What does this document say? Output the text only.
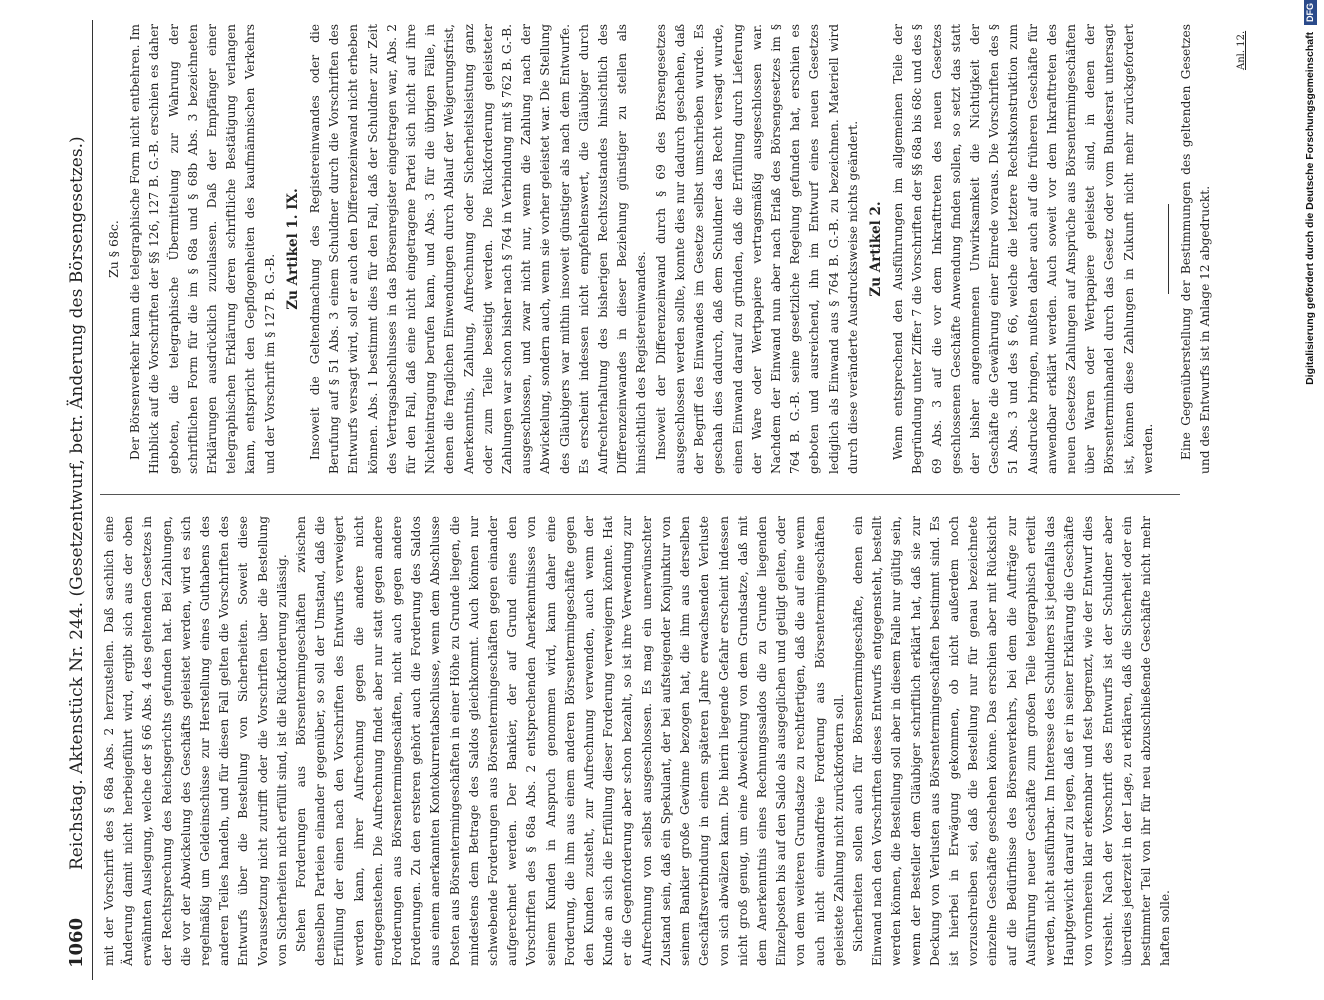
1060
Reichstag. Aktenstück Nr. 244. (Gesetzentwurf, betr. Änderung des Börsengesetzes.)	mit der Vorschrift des § 68a Abs. 2 herzustellen. Daß sachlich eine Änderung damit nicht herbeigeführt wird, ergibt sich aus der oben erwähnten Auslegung, welche der § 66 Abs. 4 des geltenden Gesetzes in der Rechtsprechung des Reichsgerichts gefunden hat. Bei Zahlungen, die vor der Abwickelung des Geschäfts geleistet werden, wird es sich regelmäßig um Geldeinschüsse zur Herstellung eines Guthabens des anderen Teiles handeln, und für diesen Fall gelten die Vorschriften des Entwurfs über die Bestellung von Sicherheiten. Soweit diese Voraussetzung nicht zutrifft oder die Vorschriften über die Bestellung von Sicherheiten nicht erfüllt sind, ist die Rückforderung zulässig. Stehen Forderungen aus Börsentermingeschäften zwischen denselben Parteien einander gegenüber, so soll der Umstand, daß die Erfüllung der einen nach den Vorschriften des Entwurfs verweigert werden kann, ihrer Aufrechnung gegen die andere nicht entgegenstehen. Die Aufrechnung findet aber nur statt gegen andere Forderungen aus Börsentermingeschäften, nicht auch gegen andere Forderungen. Zu den ersteren gehört auch die Forderung des Saldos aus einem anerkannten Kontokurrentabschlusse, wenn dem Abschlusse Posten aus Börsentermingeschäften in einer Höhe zu Grunde liegen, die mindestens dem Betrage des Saldos gleichkommt. Auch können nur schwebende Forderungen aus Börsentermingeschäften gegen einander aufgerechnet werden. Der Bankier, der auf Grund eines den Vorschriften des § 68a Abs. 2 entsprechenden Anerkenntnisses von seinem Kunden in Anspruch genommen wird, kann daher eine Forderung, die ihm aus einem anderen Börsentermingeschäfte gegen den Kunden zusteht, zur Aufrechnung verwenden, auch wenn der Kunde an sich die Erfüllung dieser Forderung verweigern könnte. Hat er die Gegenforderung aber schon bezahlt, so ist ihre Verwendung zur Aufrechnung von selbst ausgeschlossen. Es mag ein unerwünschter Zustand sein, daß ein Spekulant, der bei aufsteigender Konjunktur von seinem Bankier große Gewinne bezogen hat, die ihm aus derselben Geschäftsverbindung in einem späteren Jahre erwachsenden Verluste von sich abwälzen kann. Die hierin liegende Gefahr erscheint indessen nicht groß genug, um eine Abweichung von dem Grundsatze, daß mit dem Anerkenntnis eines Rechnungssaldos die zu Grunde liegenden Einzelposten bis auf den Saldo als ausgeglichen und getilgt gelten, oder von dem weiteren Grundsatze zu rechtfertigen, daß die auf eine wenn auch nicht einwandfreie Forderung aus Börsentermingeschäften geleistete Zahlung nicht zurückfordern soll. Sicherheiten sollen auch für Börsentermingeschäfte, denen ein Einwand nach den Vorschriften dieses Entwurfs entgegensteht, bestellt werden können, die Bestellung soll aber in diesem Falle nur gültig sein, wenn der Besteller dem Gläubiger schriftlich erklärt hat, daß sie zur Deckung von Verlusten aus Börsentermingeschäften bestimmt sind. Es ist hierbei in Erwägung gekommen, ob nicht außerdem noch vorzuschreiben sei, daß die Bestellung nur für genau bezeichnete einzelne Geschäfte geschehen könne. Das erschien aber mit Rücksicht auf die Bedürfnisse des Börsenverkehrs, bei dem die Aufträge zur Ausführung neuer Geschäfte zum großen Teile telegraphisch erteilt werden, nicht ausführbar. Im Interesse des Schuldners ist jedenfalls das Hauptgewicht darauf zu legen, daß er in seiner Erklärung die Geschäfte von vornherein klar erkennbar und fest begrenzt, wie der Entwurf dies vorsieht. Nach der Vorschrift des Entwurfs ist der Schuldner aber überdies jederzeit in der Lage, zu erklären, daß die Sicherheit oder ein bestimmter Teil von ihr für neu abzuschließende Geschäfte nicht mehr haften solle.

Zu § 68c. Der Börsenverkehr kann die telegraphische Form nicht entbehren. Im Hinblick auf die Vorschriften der §§ 126, 127 B. G.-B. erschien es daher geboten, die telegraphische Übermittelung zur Wahrung der schriftlichen Form für die im § 68a und § 68b Abs. 3 bezeichneten Erklärungen ausdrücklich zuzulassen. Daß der Empfänger einer telegraphischen Erklärung deren schriftliche Bestätigung verlangen kann, entspricht den Gepflogenheiten des kaufmännischen Verkehrs und der Vorschrift im § 127 B. G.-B.

Zu Artikel 1. IX. Insoweit die Geltendmachung des Registereinwandes oder die Berufung auf § 51 Abs. 3 einem Schuldner durch die Vorschriften des Entwurfs versagt wird, soll er auch den Differenzeinwand nicht erheben können. Abs. 1 bestimmt dies für den Fall, daß der Schuldner zur Zeit des Vertragsabschlusses in das Börsenregister eingetragen war, Abs. 2 für den Fall, daß eine nicht eingetragene Partei sich nicht auf ihre Nichteintragung berufen kann, und Abs. 3 für die übrigen Fälle, in denen die fraglichen Einwendungen durch Ablauf der Weigerungsfrist, Anerkenntnis, Zahlung, Aufrechnung oder Sicherheitsleistung ganz oder zum Teile beseitigt werden. Die Rückforderung geleisteter Zahlungen war schon bisher nach § 764 in Verbindung mit § 762 B. G.-B. ausgeschlossen, und zwar nicht nur, wenn die Zahlung nach der Abwickelung, sondern auch, wenn sie vorher geleistet war. Die Stellung des Gläubigers war mithin insoweit günstiger als nach dem Entwurfe. Es erscheint indessen nicht empfehlenswert, die Gläubiger durch Aufrechterhaltung des bisherigen Rechtszustandes hinsichtlich des Differenzeinwandes in dieser Beziehung günstiger zu stellen als hinsichtlich des Registereinwandes. Insoweit der Differenzeinwand durch § 69 des Börsengesetzes ausgeschlossen werden sollte, konnte dies nur dadurch geschehen, daß der Begriff des Einwandes im Gesetze selbst umschrieben wurde. Es geschah dies dadurch, daß dem Schuldner das Recht versagt wurde, einen Einwand darauf zu gründen, daß die Erfüllung durch Lieferung der Ware oder Wertpapiere vertragsmäßig ausgeschlossen war. Nachdem der Einwand nun aber nach Erlaß des Börsengesetzes im § 764 B. G.-B. seine gesetzliche Regelung gefunden hat, erschien es geboten und ausreichend, ihn im Entwurf eines neuen Gesetzes lediglich als Einwand aus § 764 B. G.-B. zu bezeichnen. Materiell wird durch diese veränderte Ausdrucksweise nichts geändert. Zu Artikel 2. Wenn entsprechend den Ausführungen im allgemeinen Teile der Begründung unter Ziffer 7 die Vorschriften der §§ 68a bis 68c und des § 69 Abs. 3 auf die vor dem Inkrafttreten des neuen Gesetzes geschlossenen Geschäfte Anwendung finden sollen, so setzt das statt der bisher angenommenen Unwirksamkeit die Nichtigkeit der Geschäfte die Gewährung einer Einrede voraus. Die Vorschriften des § 51 Abs. 3 und des § 66, welche die letztere Rechtskonstruktion zum Ausdrucke bringen, mußten daher auch auf die früheren Geschäfte für anwendbar erklärt werden. Auch soweit vor dem Inkrafttreten des neuen Gesetzes Zahlungen auf Ansprüche aus Börsentermingeschäften über Waren oder Wertpapiere geleistet sind, in denen der Börsenterminhandel durch das Gesetz oder vom Bundesrat untersagt ist, können diese Zahlungen in Zukunft nicht mehr zurückgefordert werden. Eine Gegenüberstellung der Bestimmungen des geltenden Gesetzes und des Entwurfs ist in Anlage 12 abgedruckt.

Anl. 12.	Digitalisierung gefördert durch die Deutsche Forschungsgemeinschaft DFG
